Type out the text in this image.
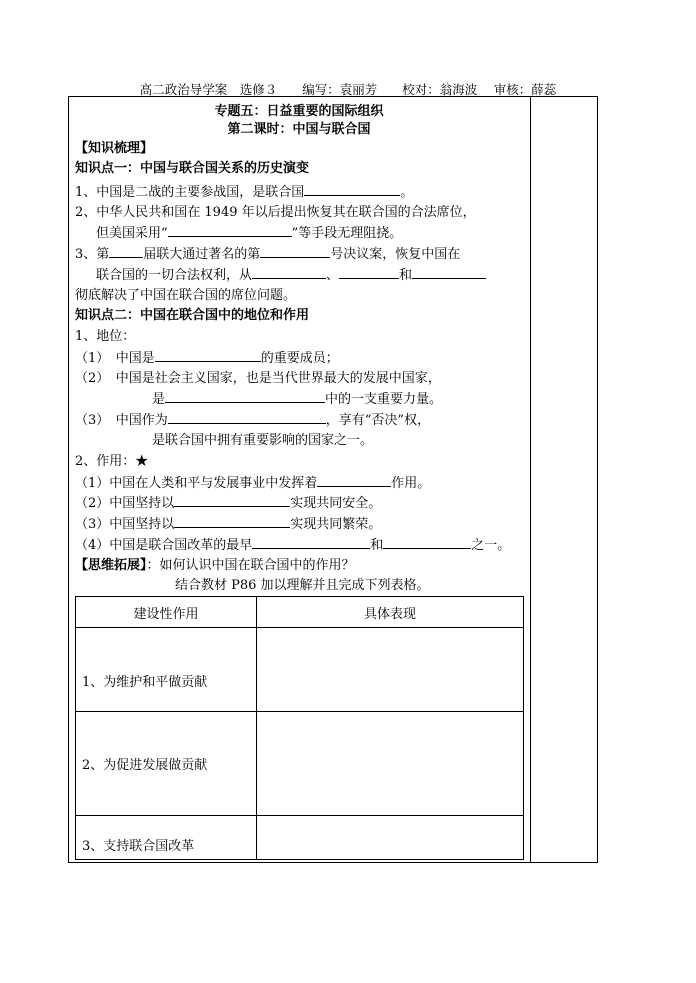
高二政治导学案　选修３　　编写：袁丽芳　　校对：翁海波　 审核：薛蕊
专题五：日益重要的国际组织
第二课时：中国与联合国
【知识梳理】
知识点一：中国与联合国关系的历史演变
1、中国是二战的主要参战国，是联合国	。
2、中华人民共和国在 1949 年以后提出恢复其在联合国的合法席位，
但美国采用“	”等手段无理阻挠。
3、第	届联大通过著名的第	号决议案，恢复中国在
联合国的一切合法权利，从	、	和
彻底解决了中国在联合国的席位问题。
知识点二：中国在联合国中的地位和作用
1、地位：
（1）　中国是	的重要成员；
（2）　中国是社会主义国家，也是当代世界最大的发展中国家，
是	中的一支重要力量。
（3）　中国作为	，享有“否决”权，
是联合国中拥有重要影响的国家之一。
2、作用：★
（1）中国在人类和平与发展事业中发挥着	作用。
（2）中国坚持以	实现共同安全。
（3）中国坚持以	实现共同繁荣。
（4）中国是联合国改革的最早	和	之一。
【思维拓展】：如何认识中国在联合国中的作用？
结合教材 P86 加以理解并且完成下列表格。
建设性作用	具体表现
1、为维护和平做贡献	
2、为促进发展做贡献	
3、支持联合国改革	
